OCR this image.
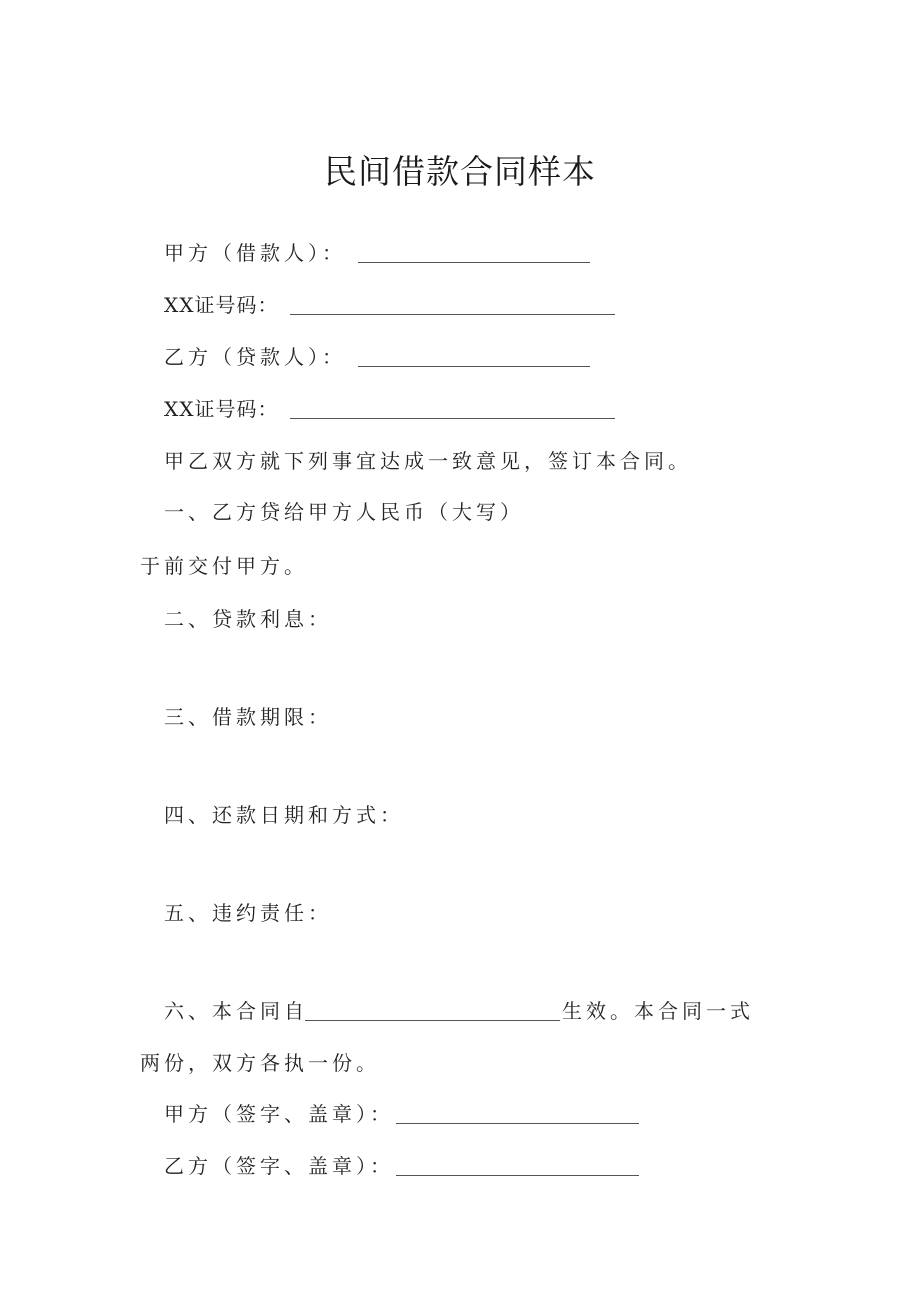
民间借款合同样本
甲方（借款人）：
XX证号码：
乙方（贷款人）：
XX证号码：
甲乙双方就下列事宜达成一致意见，签订本合同。
一、乙方贷给甲方人民币（大写）
于前交付甲方。
二、贷款利息：
三、借款期限：
四、还款日期和方式：
五、违约责任：
六、本合同自	生效。本合同一式
两份，双方各执一份。
甲方（签字、盖章）：
乙方（签字、盖章）：
